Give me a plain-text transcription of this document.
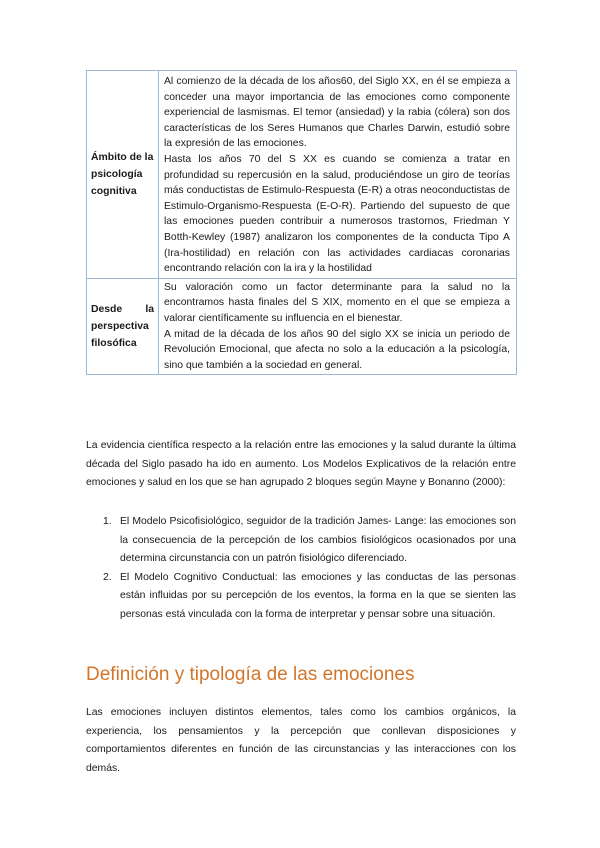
Ámbito de la psicología cognitiva	Al comienzo de la década de los años60, del Siglo XX, en él se empieza a conceder una mayor importancia de las emociones como componente experiencial de lasmismas. El temor (ansiedad) y la rabia (cólera) son dos características de los Seres Humanos que Charles Darwin, estudió sobre la expresión de las emociones.

Hasta los años 70 del S XX es cuando se comienza a tratar en profundidad su repercusión en la salud, produciéndose un giro de teorías más conductistas de Estimulo-Respuesta (E-R) a otras neoconductistas de Estimulo-Organismo-Respuesta (E-O-R). Partiendo del supuesto de que las emociones pueden contribuir a numerosos trastornos, Friedman Y Botth-Kewley (1987) analizaron los componentes de la conducta Tipo A (Ira-hostilidad) en relación con las actividades cardiacas coronarias encontrando relación con la ira y la hostilidad

Desde la perspectiva filosófica	Su valoración como un factor determinante para la salud no la encontramos hasta finales del S XIX, momento en el que se empieza a valorar científicamente su influencia en el bienestar.

A mitad de la década de los años 90 del siglo XX se inicia un periodo de Revolución Emocional, que afecta no solo a la educación a la psicología, sino que también a la sociedad en general.

La evidencia científica respecto a la relación entre las emociones y la salud durante la última década del Siglo pasado ha ido en aumento. Los Modelos Explicativos de la relación entre emociones y salud en los que se han agrupado 2 bloques según Mayne y Bonanno (2000):

1. El Modelo Psicofisiológico, seguidor de la tradición James- Lange: las emociones son la consecuencia de la percepción de los cambios fisiológicos ocasionados por una determina circunstancia con un patrón fisiológico diferenciado.
2. El Modelo Cognitivo Conductual: las emociones y las conductas de las personas están influidas por su percepción de los eventos, la forma en la que se sienten las personas está vinculada con la forma de interpretar y pensar sobre una situación.
Definición y tipología de las emociones

Las emociones incluyen distintos elementos, tales como los cambios orgánicos, la experiencia, los pensamientos y la percepción que conllevan disposiciones y comportamientos diferentes en función de las circunstancias y las interacciones con los demás.
